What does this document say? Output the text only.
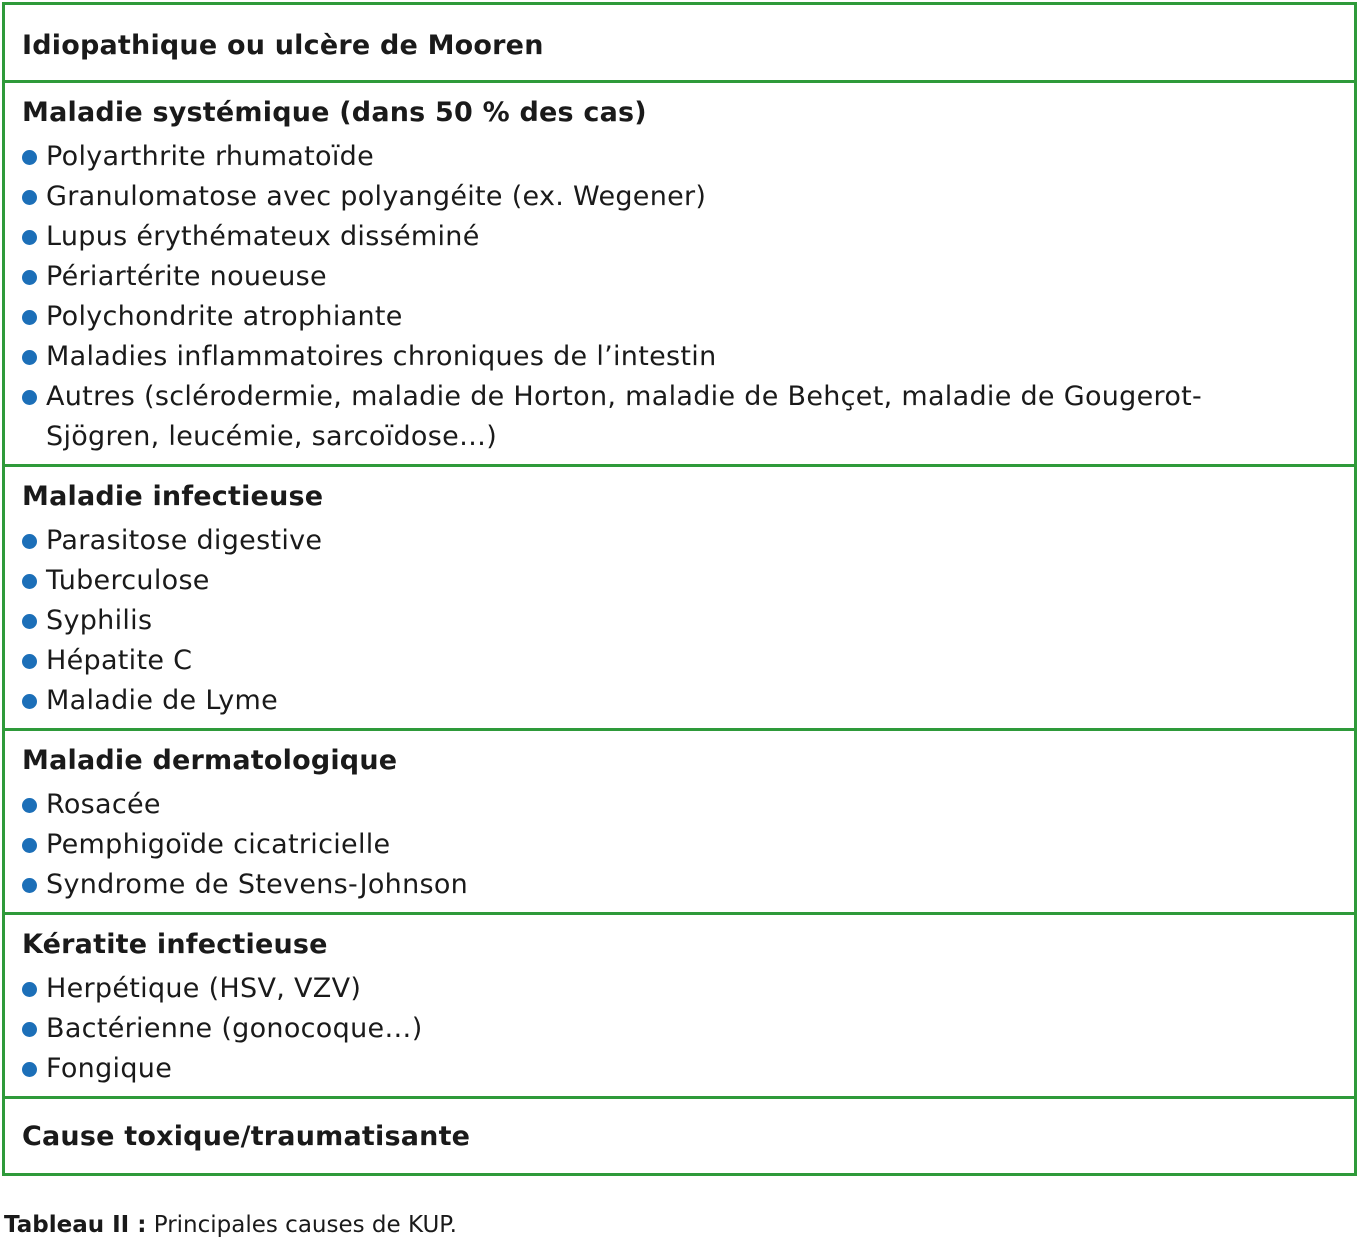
Idiopathique ou ulcère de Mooren

Maladie systémique (dans 50 % des cas)

Polyarthrite rhumatoïde
Granulomatose avec polyangéite (ex. Wegener)
Lupus érythémateux disséminé
Périartérite noueuse
Polychondrite atrophiante
Maladies inflammatoires chroniques de l’intestin
Autres (sclérodermie, maladie de Horton, maladie de Behçet, maladie de Gougerot-Sjögren, leucémie, sarcoïdose…)

Maladie infectieuse

Parasitose digestive
Tuberculose
Syphilis
Hépatite C
Maladie de Lyme

Maladie dermatologique

Rosacée
Pemphigoïde cicatricielle
Syndrome de Stevens-Johnson

Kératite infectieuse

Herpétique (HSV, VZV)
Bactérienne (gonocoque…)
Fongique

Cause toxique/traumatisante

Tableau II : Principales causes de KUP.
